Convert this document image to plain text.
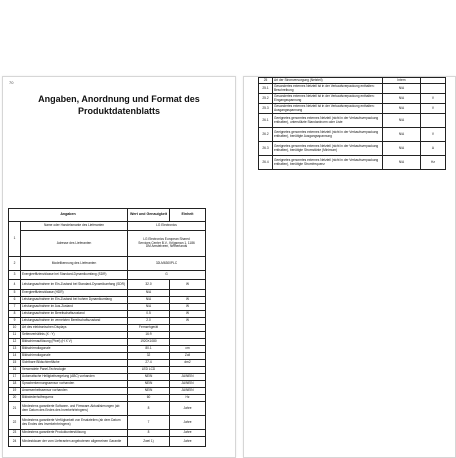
70
Angaben, Anordnung und Format des
Produktdatenblatts
Angaben		Wert und Genauigkeit	Einheit
1	Name oder Handelsmarke des Lieferanten	LG Electronics	
	Adresse des Lieferanten	LG Electronics European Shared
Services Center B.V., Krijgsman 1, 1186
DM Amstelveen, Netherlands	

2	Modellkennung des Lieferanten	32LM6300PLC	
3	Energieeffizienzklasse bei Standard-Dynamikumfang (SDR)	G	
4	Leistungsaufnahme im Ein-Zustand bei Standard-Dynamikumfang (SDR)	32.0	W
5	Energieeffizienzklasse (HDR)	N/A	
6	Leistungsaufnahme im Ein-Zustand bei hohem Dynamikumfang	N/A	W
7	Leistungsaufnahme im Aus-Zustand	N/A	W
8	Leistungsaufnahme im Bereitschaftszustand	0.5	W
9	Leistungsaufnahme im vernetzten Bereitschaftszustand	2.0	W
10	Art des elektronischen Displays	Fernsehgerät	
11	Seitenverhältnis (X : Y)	16:9	
12	Bildschirmauflösung (Pixel) (H X V)	1920X1080	
13	Bildschirmdiagonale	80.1	cm
14	Bildschirmdiagonale	32	Zoll
15	Sichtbare Bildschirmfläche	27.4	dm2
16	Verwendete Panel-Technologie	LED LCD	
17	Automatische Helligkeitsregelung (ABC) vorhanden	NEIN	JA/NEIN
18	Spracherkennungssensor vorhanden	NEIN	JA/NEIN
19	Anwesenheitssensor vorhanden	NEIN	JA/NEIN
20	Bildwiederholfrequenz	60	Hz
21	Mindestens garantierte Software- und Firmware-Aktualisierungen (ab dem Datum des Endes des Inverkehrbringens)	8	Jahre
22	Mindestens garantierte Verfügbarkeit von Ersatzteilen (ab dem Datum des Endes des Inverkehrbringens)	7	Jahre
23	Mindestens garantierte Produktunterstützung	8	Jahre
24	Mindestdauer der vom Lieferanten angebotenen allgemeinen Garantie	Zwei 1)	Jahre
25	Art der Stromversorgung (Netzteil)	Intern	
25.1	Gesondertes externes Netzteil ist in der Verkaufsverpackung enthalten: Beschreibung	N/A	
25.2	Gesondertes externes Netzteil ist in der Verkaufsverpackung enthalten: Eingangsspannung	N/A	V
25.3	Gesondertes externes Netzteil ist in der Verkaufsverpackung enthalten: Ausgangsspannung	N/A	V
26.1	Geeignetes genormtes externes Netzteil (nicht in der Verkaufsverpackung enthalten), unterstützte Standardnorm oder Liste	N/A	
26.2	Geeignetes genormtes externes Netzteil (nicht in der Verkaufsverpackung enthalten), benötigte Ausgangsspannung	N/A	V
26.3	Geeignetes genormtes externes Netzteil (nicht in der Verkaufsverpackung enthalten), benötigte Stromstärke (Minimum)	N/A	A
26.4	Geeignetes genormtes externes Netzteil (nicht in der Verkaufsverpackung enthalten), benötigte Stromfrequenz	N/A	Hz
